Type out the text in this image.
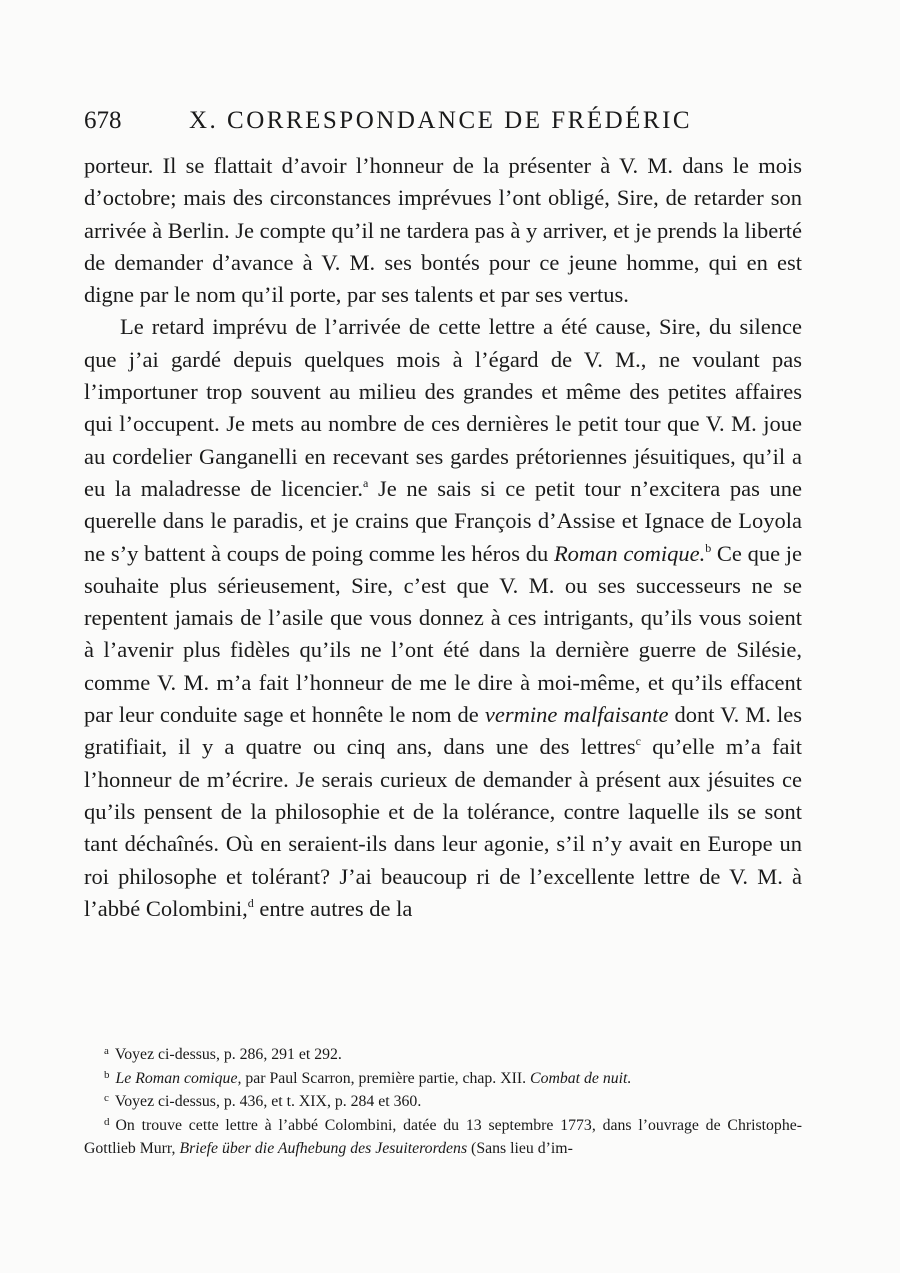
678	X. CORRESPONDANCE DE FRÉDÉRIC

porteur. Il se flattait d’avoir l’honneur de la présenter à V. M. dans le mois d’octobre; mais des circonstances imprévues l’ont obligé, Sire, de retarder son arrivée à Berlin. Je compte qu’il ne tardera pas à y arriver, et je prends la liberté de demander d’avance à V. M. ses bontés pour ce jeune homme, qui en est digne par le nom qu’il porte, par ses talents et par ses vertus.

Le retard imprévu de l’arrivée de cette lettre a été cause, Sire, du silence que j’ai gardé depuis quelques mois à l’égard de V. M., ne voulant pas l’importuner trop souvent au milieu des grandes et même des petites affaires qui l’occupent. Je mets au nombre de ces dernières le petit tour que V. M. joue au cordelier Ganganelli en recevant ses gardes prétoriennes jésuitiques, qu’il a eu la maladresse de licencier.$^a$ Je ne sais si ce petit tour n’excitera pas une querelle dans le paradis, et je crains que François d’Assise et Ignace de Loyola ne s’y battent à coups de poing comme les héros du Roman comique.$^b$ Ce que je souhaite plus sérieusement, Sire, c’est que V. M. ou ses successeurs ne se repentent jamais de l’asile que vous donnez à ces intrigants, qu’ils vous soient à l’avenir plus fidèles qu’ils ne l’ont été dans la dernière guerre de Silésie, comme V. M. m’a fait l’honneur de me le dire à moi-même, et qu’ils effacent par leur conduite sage et honnête le nom de vermine malfaisante dont V. M. les gratifiait, il y a quatre ou cinq ans, dans une des lettres$^c$ qu’elle m’a fait l’honneur de m’écrire. Je serais curieux de demander à présent aux jésuites ce qu’ils pensent de la philosophie et de la tolérance, contre laquelle ils se sont tant déchaînés. Où en seraient-ils dans leur agonie, s’il n’y avait en Europe un roi philosophe et tolérant? J’ai beaucoup ri de l’excellente lettre de V. M. à l’abbé Colombini,$^d$ entre autres de la

$^a$ Voyez ci-dessus, p. 286, 291 et 292.
$^b$ Le Roman comique, par Paul Scarron, première partie, chap. XII. Combat de nuit.
$^c$ Voyez ci-dessus, p. 436, et t. XIX, p. 284 et 360.
$^d$ On trouve cette lettre à l’abbé Colombini, datée du 13 septembre 1773, dans l’ouvrage de Christophe-Gottlieb Murr, Briefe über die Aufhebung des Jesuiterordens (Sans lieu d’im-
